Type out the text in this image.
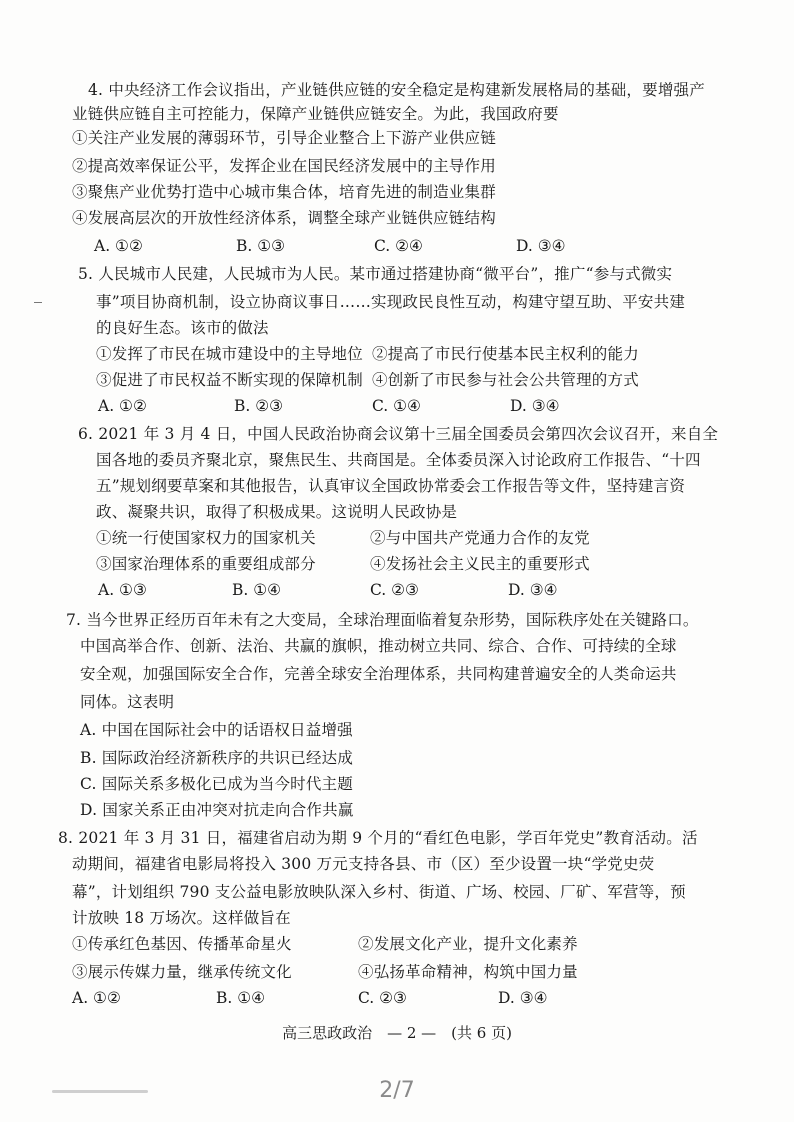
4. 中央经济工作会议指出，产业链供应链的安全稳定是构建新发展格局的基础，要增强产
业链供应链自主可控能力，保障产业链供应链安全。为此，我国政府要
①关注产业发展的薄弱环节，引导企业整合上下游产业供应链
②提高效率保证公平，发挥企业在国民经济发展中的主导作用
③聚焦产业优势打造中心城市集合体，培育先进的制造业集群
④发展高层次的开放性经济体系，调整全球产业链供应链结构
A. ①②	B. ①③	C. ②④	D. ③④
5. 人民城市人民建，人民城市为人民。某市通过搭建协商“微平台”，推广“参与式微实
事”项目协商机制，设立协商议事日……实现政民良性互动，构建守望互助、平安共建
的良好生态。该市的做法
①发挥了市民在城市建设中的主导地位 ②提高了市民行使基本民主权利的能力
③促进了市民权益不断实现的保障机制 ④创新了市民参与社会公共管理的方式
A. ①②	B. ②③	C. ①④	D. ③④
6. 2021 年 3 月 4 日，中国人民政治协商会议第十三届全国委员会第四次会议召开，来自全
国各地的委员齐聚北京，聚焦民生、共商国是。全体委员深入讨论政府工作报告、“十四
五”规划纲要草案和其他报告，认真审议全国政协常委会工作报告等文件，坚持建言资
政、凝聚共识，取得了积极成果。这说明人民政协是
①统一行使国家权力的国家机关	②与中国共产党通力合作的友党
③国家治理体系的重要组成部分	④发扬社会主义民主的重要形式
A. ①③	B. ①④	C. ②③	D. ③④
7. 当今世界正经历百年未有之大变局，全球治理面临着复杂形势，国际秩序处在关键路口。
中国高举合作、创新、法治、共赢的旗帜，推动树立共同、综合、合作、可持续的全球
安全观，加强国际安全合作，完善全球安全治理体系，共同构建普遍安全的人类命运共
同体。这表明
A. 中国在国际社会中的话语权日益增强
B. 国际政治经济新秩序的共识已经达成
C. 国际关系多极化已成为当今时代主题
D. 国家关系正由冲突对抗走向合作共赢
8. 2021 年 3 月 31 日，福建省启动为期 9 个月的“看红色电影，学百年党史”教育活动。活
动期间，福建省电影局将投入 300 万元支持各县、市（区）至少设置一块“学党史荧
幕”，计划组织 790 支公益电影放映队深入乡村、街道、广场、校园、厂矿、军营等，预
计放映 18 万场次。这样做旨在
①传承红色基因、传播革命星火	②发展文化产业，提升文化素养
③展示传媒力量，继承传统文化	④弘扬革命精神，构筑中国力量
A. ①②	B. ①④	C. ②③	D. ③④
高三思政政治　— 2 —　(共 6 页)
2/7
